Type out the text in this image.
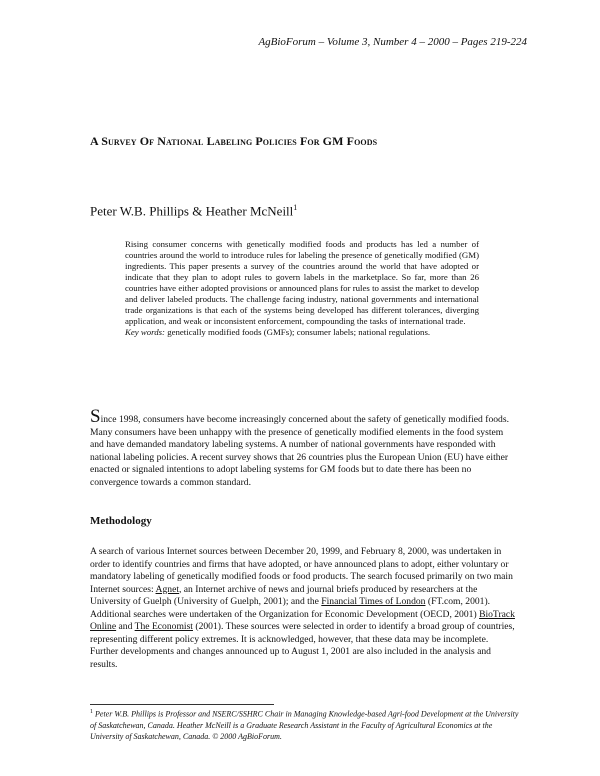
AgBioForum – Volume 3, Number 4 – 2000 – Pages 219-224
A Survey Of National Labeling Policies For GM Foods
Peter W.B. Phillips & Heather McNeill$^1$

Rising consumer concerns with genetically modified foods and products has led a number of countries around the world to introduce rules for labeling the presence of genetically modified (GM) ingredients. This paper presents a survey of the countries around the world that have adopted or indicate that they plan to adopt rules to govern labels in the marketplace. So far, more than 26 countries have either adopted provisions or announced plans for rules to assist the market to develop and deliver labeled products. The challenge facing industry, national governments and international trade organizations is that each of the systems being developed has different tolerances, diverging application, and weak or inconsistent enforcement, compounding the tasks of international trade.

Key words: genetically modified foods (GMFs); consumer labels; national regulations.

Since 1998, consumers have become increasingly concerned about the safety of genetically modified foods. Many consumers have been unhappy with the presence of genetically modified elements in the food system and have demanded mandatory labeling systems. A number of national governments have responded with national labeling policies. A recent survey shows that 26 countries plus the European Union (EU) have either enacted or signaled intentions to adopt labeling systems for GM foods but to date there has been no convergence towards a common standard.

Methodology

A search of various Internet sources between December 20, 1999, and February 8, 2000, was undertaken in order to identify countries and firms that have adopted, or have announced plans to adopt, either voluntary or mandatory labeling of genetically modified foods or food products. The search focused primarily on two main Internet sources: Agnet, an Internet archive of news and journal briefs produced by researchers at the University of Guelph (University of Guelph, 2001); and the Financial Times of London (FT.com, 2001). Additional searches were undertaken of the Organization for Economic Development (OECD, 2001) BioTrack Online and The Economist (2001). These sources were selected in order to identify a broad group of countries, representing different policy extremes. It is acknowledged, however, that these data may be incomplete. Further developments and changes announced up to August 1, 2001 are also included in the analysis and results.

$^1$ Peter W.B. Phillips is Professor and NSERC/SSHRC Chair in Managing Knowledge-based Agri-food Development at the University of Saskatchewan, Canada. Heather McNeill is a Graduate Research Assistant in the Faculty of Agricultural Economics at the University of Saskatchewan, Canada. © 2000 AgBioForum.
